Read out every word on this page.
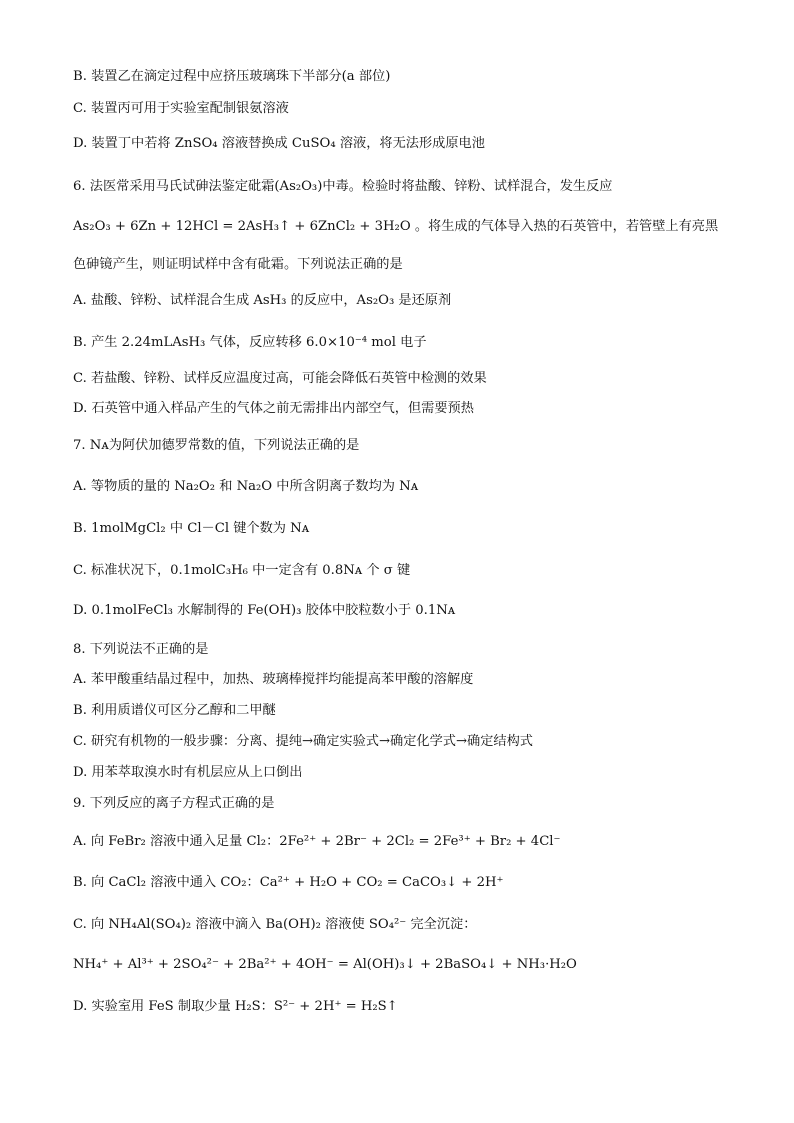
B. 装置乙在滴定过程中应挤压玻璃珠下半部分(a 部位)
C. 装置丙可用于实验室配制银氨溶液
D. 装置丁中若将 ZnSO₄ 溶液替换成 CuSO₄ 溶液，将无法形成原电池
6. 法医常采用马氏试砷法鉴定砒霜(As₂O₃)中毒。检验时将盐酸、锌粉、试样混合，发生反应
As₂O₃ + 6Zn + 12HCl = 2AsH₃↑ + 6ZnCl₂ + 3H₂O 。将生成的气体导入热的石英管中，若管壁上有亮黑
色砷镜产生，则证明试样中含有砒霜。下列说法正确的是
A. 盐酸、锌粉、试样混合生成 AsH₃ 的反应中，As₂O₃ 是还原剂
B. 产生 2.24mLAsH₃ 气体，反应转移 6.0×10⁻⁴ mol 电子
C. 若盐酸、锌粉、试样反应温度过高，可能会降低石英管中检测的效果
D. 石英管中通入样品产生的气体之前无需排出内部空气，但需要预热
7. Nᴀ为阿伏加德罗常数的值，下列说法正确的是
A. 等物质的量的 Na₂O₂ 和 Na₂O 中所含阴离子数均为 Nᴀ
B. 1molMgCl₂ 中 Cl－Cl 键个数为 Nᴀ
C. 标准状况下，0.1molC₃H₆ 中一定含有 0.8Nᴀ 个 σ 键
D. 0.1molFeCl₃ 水解制得的 Fe(OH)₃ 胶体中胶粒数小于 0.1Nᴀ
8. 下列说法不正确的是
A. 苯甲酸重结晶过程中，加热、玻璃棒搅拌均能提高苯甲酸的溶解度
B. 利用质谱仪可区分乙醇和二甲醚
C. 研究有机物的一般步骤：分离、提纯→确定实验式→确定化学式→确定结构式
D. 用苯萃取溴水时有机层应从上口倒出
9. 下列反应的离子方程式正确的是
A. 向 FeBr₂ 溶液中通入足量 Cl₂：2Fe²⁺ + 2Br⁻ + 2Cl₂ = 2Fe³⁺ + Br₂ + 4Cl⁻
B. 向 CaCl₂ 溶液中通入 CO₂：Ca²⁺ + H₂O + CO₂ = CaCO₃↓ + 2H⁺
C. 向 NH₄Al(SO₄)₂ 溶液中滴入 Ba(OH)₂ 溶液使 SO₄²⁻ 完全沉淀：
NH₄⁺ + Al³⁺ + 2SO₄²⁻ + 2Ba²⁺ + 4OH⁻ = Al(OH)₃↓ + 2BaSO₄↓ + NH₃·H₂O
D. 实验室用 FeS 制取少量 H₂S：S²⁻ + 2H⁺ = H₂S↑
